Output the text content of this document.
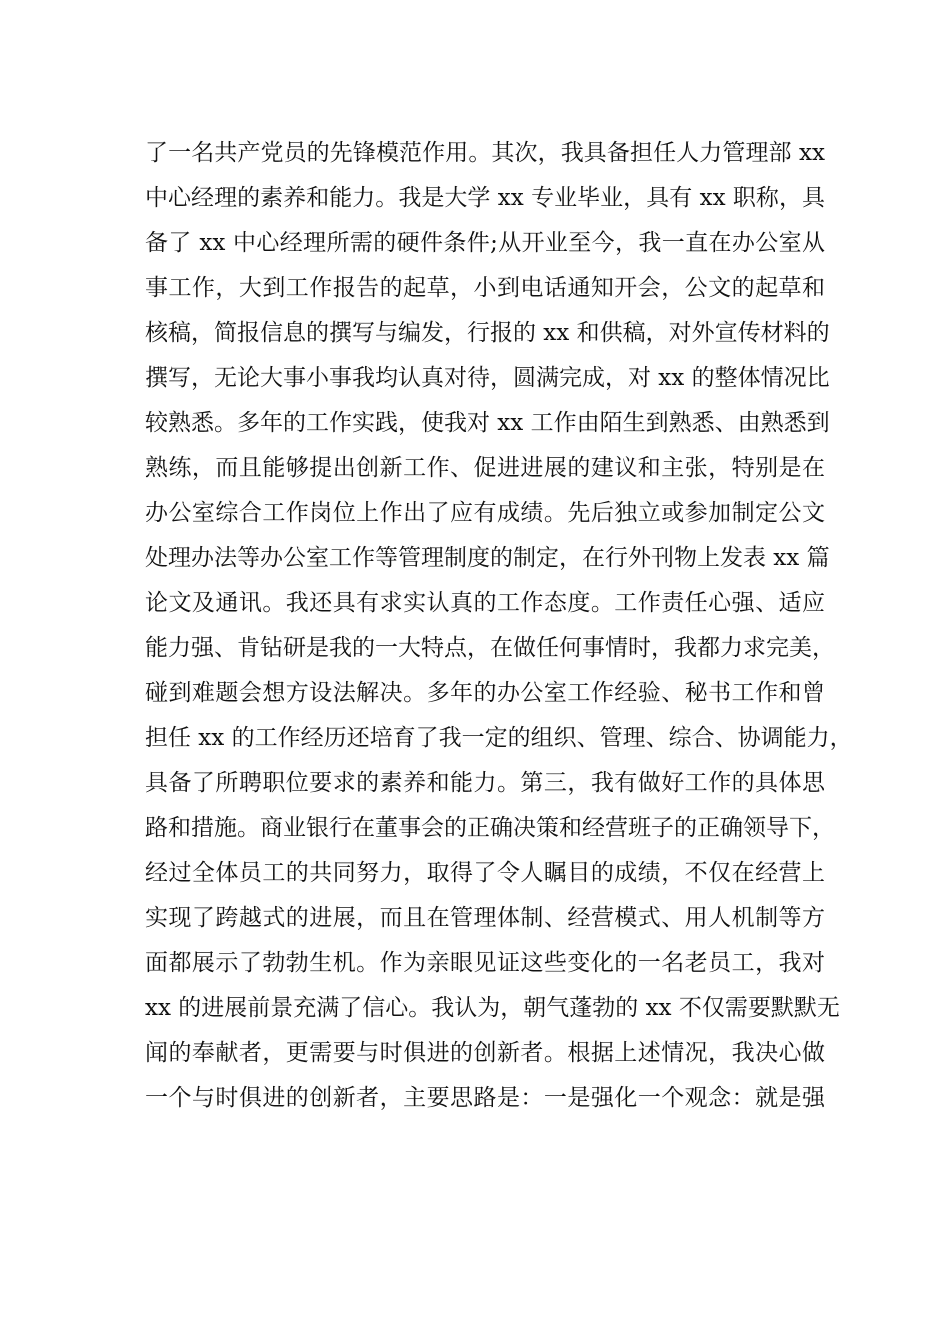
了一名共产党员的先锋模范作用。其次，我具备担任人力管理部 xx
中心经理的素养和能力。我是大学 xx 专业毕业，具有 xx 职称，具
备了 xx 中心经理所需的硬件条件;从开业至今，我一直在办公室从
事工作，大到工作报告的起草，小到电话通知开会，公文的起草和
核稿，简报信息的撰写与编发，行报的 xx 和供稿，对外宣传材料的
撰写，无论大事小事我均认真对待，圆满完成，对 xx 的整体情况比
较熟悉。多年的工作实践，使我对 xx 工作由陌生到熟悉、由熟悉到
熟练，而且能够提出创新工作、促进进展的建议和主张，特别是在
办公室综合工作岗位上作出了应有成绩。先后独立或参加制定公文
处理办法等办公室工作等管理制度的制定，在行外刊物上发表 xx 篇
论文及通讯。我还具有求实认真的工作态度。工作责任心强、适应
能力强、肯钻研是我的一大特点，在做任何事情时，我都力求完美，
碰到难题会想方设法解决。多年的办公室工作经验、秘书工作和曾
担任 xx 的工作经历还培育了我一定的组织、管理、综合、协调能力，
具备了所聘职位要求的素养和能力。第三，我有做好工作的具体思
路和措施。商业银行在董事会的正确决策和经营班子的正确领导下，
经过全体员工的共同努力，取得了令人瞩目的成绩，不仅在经营上
实现了跨越式的进展，而且在管理体制、经营模式、用人机制等方
面都展示了勃勃生机。作为亲眼见证这些变化的一名老员工，我对
xx 的进展前景充满了信心。我认为，朝气蓬勃的 xx 不仅需要默默无
闻的奉献者，更需要与时俱进的创新者。根据上述情况，我决心做
一个与时俱进的创新者，主要思路是：一是强化一个观念：就是强
